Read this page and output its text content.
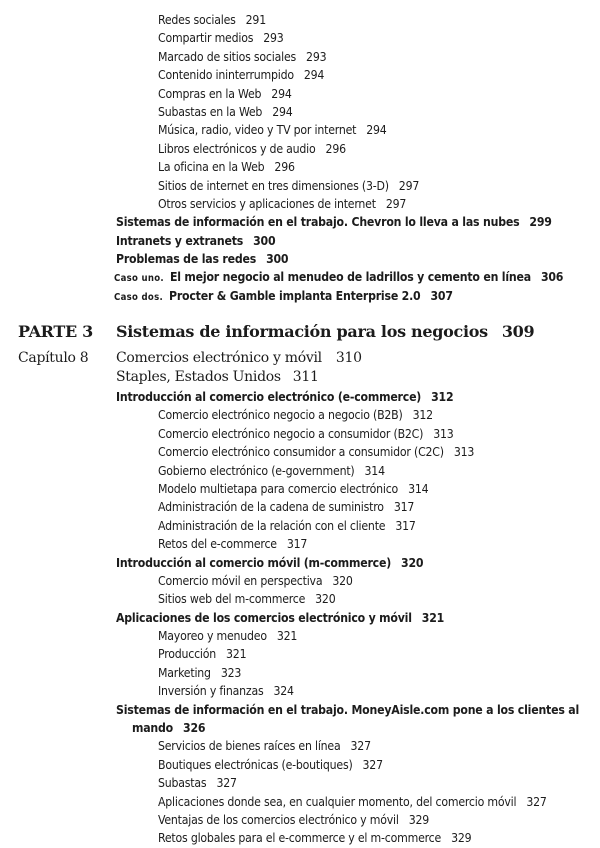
Redes sociales 291
Compartir medios 293
Marcado de sitios sociales 293
Contenido ininterrumpido 294
Compras en la Web 294
Subastas en la Web 294
Música, radio, video y TV por internet 294
Libros electrónicos y de audio 296
La oficina en la Web 296
Sitios de internet en tres dimensiones (3-D) 297
Otros servicios y aplicaciones de internet 297
Sistemas de información en el trabajo. Chevron lo lleva a las nubes 299
Intranets y extranets 300
Problemas de las redes 300
Caso uno. El mejor negocio al menudeo de ladrillos y cemento en línea 306
Caso dos. Procter & Gamble implanta Enterprise 2.0 307
PARTE 3 Sistemas de información para los negocios 309
Capítulo 8 Comercios electrónico y móvil 310
Staples, Estados Unidos 311
Introducción al comercio electrónico (e-commerce) 312
Comercio electrónico negocio a negocio (B2B) 312
Comercio electrónico negocio a consumidor (B2C) 313
Comercio electrónico consumidor a consumidor (C2C) 313
Gobierno electrónico (e-government) 314
Modelo multietapa para comercio electrónico 314
Administración de la cadena de suministro 317
Administración de la relación con el cliente 317
Retos del e-commerce 317
Introducción al comercio móvil (m-commerce) 320
Comercio móvil en perspectiva 320
Sitios web del m-commerce 320
Aplicaciones de los comercios electrónico y móvil 321
Mayoreo y menudeo 321
Producción 321
Marketing 323
Inversión y finanzas 324
Sistemas de información en el trabajo. MoneyAisle.com pone a los clientes al
mando 326
Servicios de bienes raíces en línea 327
Boutiques electrónicas (e-boutiques) 327
Subastas 327
Aplicaciones donde sea, en cualquier momento, del comercio móvil 327
Ventajas de los comercios electrónico y móvil 329
Retos globales para el e-commerce y el m-commerce 329
